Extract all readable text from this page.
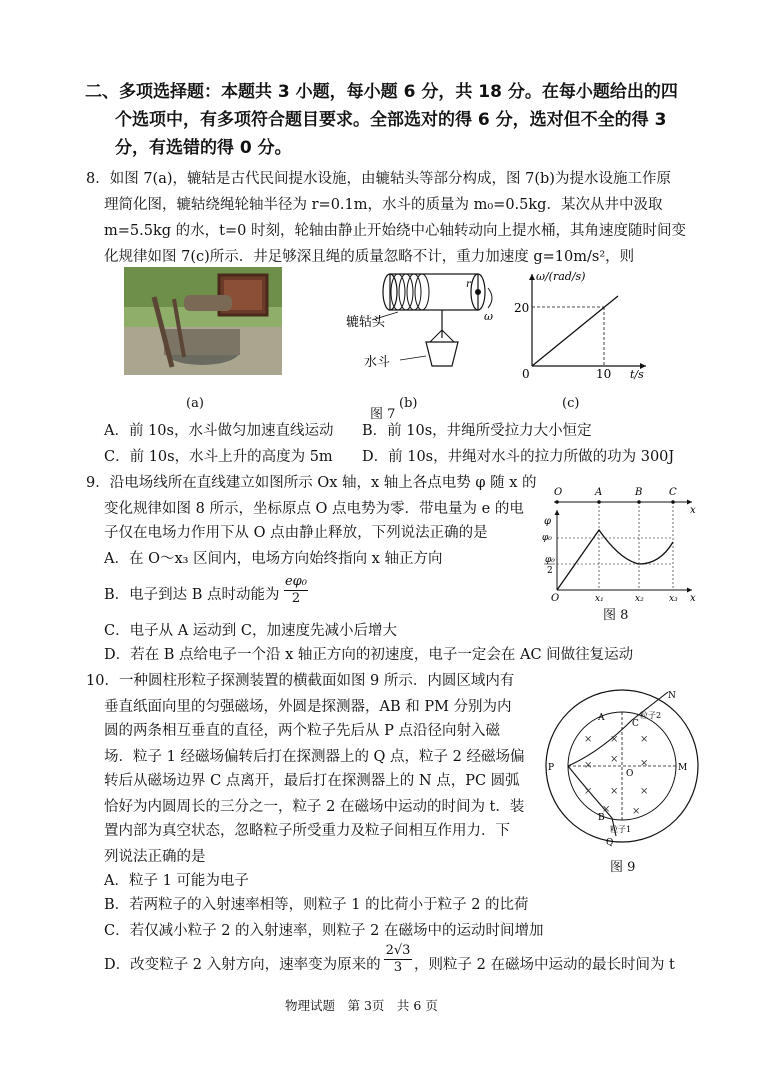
二、多项选择题：本题共 3 小题，每小题 6 分，共 18 分。在每小题给出的四
个选项中，有多项符合题目要求。全部选对的得 6 分，选对但不全的得 3
分，有选错的得 0 分。
8．如图 7(a)，辘轱是古代民间提水设施，由辘轱头等部分构成，图 7(b)为提水设施工作原
理简化图，辘轱绕绳轮轴半径为 r=0.1m，水斗的质量为 m₀=0.5kg．某次从井中汲取
m=5.5kg 的水，t=0 时刻，轮轴由静止开始绕中心轴转动向上提水桶，其角速度随时间变
化规律如图 7(c)所示．井足够深且绳的质量忽略不计，重力加速度 g=10m/s²，则
r
ω
辘轱头
水斗
ω/(rad/s)
20
10
0	t/s
(a)
图 7
(b)	(c)
A．前 10s，水斗做匀加速直线运动 B．前 10s，井绳所受拉力大小恒定
C．前 10s，水斗上升的高度为 5m D．前 10s，井绳对水斗的拉力所做的功为 300J
9．沿电场线所在直线建立如图所示 Ox 轴，x 轴上各点电势 φ 随 x 的
变化规律如图 8 所示，坐标原点 O 点电势为零．带电量为 e 的电
子仅在电场力作用下从 O 点由静止释放，下列说法正确的是
A．在 O～x₃ 区间内，电场方向始终指向 x 轴正方向
B．电子到达 B 点时动能为 $\frac{\text{eφ₀}}{2}$
C．电子从 A 运动到 C，加速度先减小后增大
D．若在 B 点给电子一个沿 x 轴正方向的初速度，电子一定会在 AC 间做往复运动
O	A	B	C
x
φ
φ₀
φ₀
2
O	x₁	x₂	x₃ x
图 8
10．一种圆柱形粒子探测装置的横截面如图 9 所示．内圆区域内有
垂直纸面向里的匀强磁场，外圆是探测器，AB 和 PM 分别为内
圆的两条相互垂直的直径，两个粒子先后从 P 点沿径向射入磁
场．粒子 1 经磁场偏转后打在探测器上的 Q 点，粒子 2 经磁场偏
转后从磁场边界 C 点离开，最后打在探测器上的 N 点，PC 圆弧
恰好为内圆周长的三分之一，粒子 2 在磁场中运动的时间为 t．装
置内部为真空状态，忽略粒子所受重力及粒子间相互作用力．下
列说法正确的是
A．粒子 1 可能为电子
B．若两粒子的入射速率相等，则粒子 1 的比荷小于粒子 2 的比荷
C．若仅减小粒子 2 的入射速率，则粒子 2 在磁场中的运动时间增加
D．改变粒子 2 入射方向，速率变为原来的 $\frac{2√3}{3}$ ，则粒子 2 在磁场中运动的最长时间为 t
× × ×
×
× ×
× × ×
× ×
N
A
C
粒子2
P
O
M
B
粒子1
Q
图 9
物理试题　第 3页　共 6 页
